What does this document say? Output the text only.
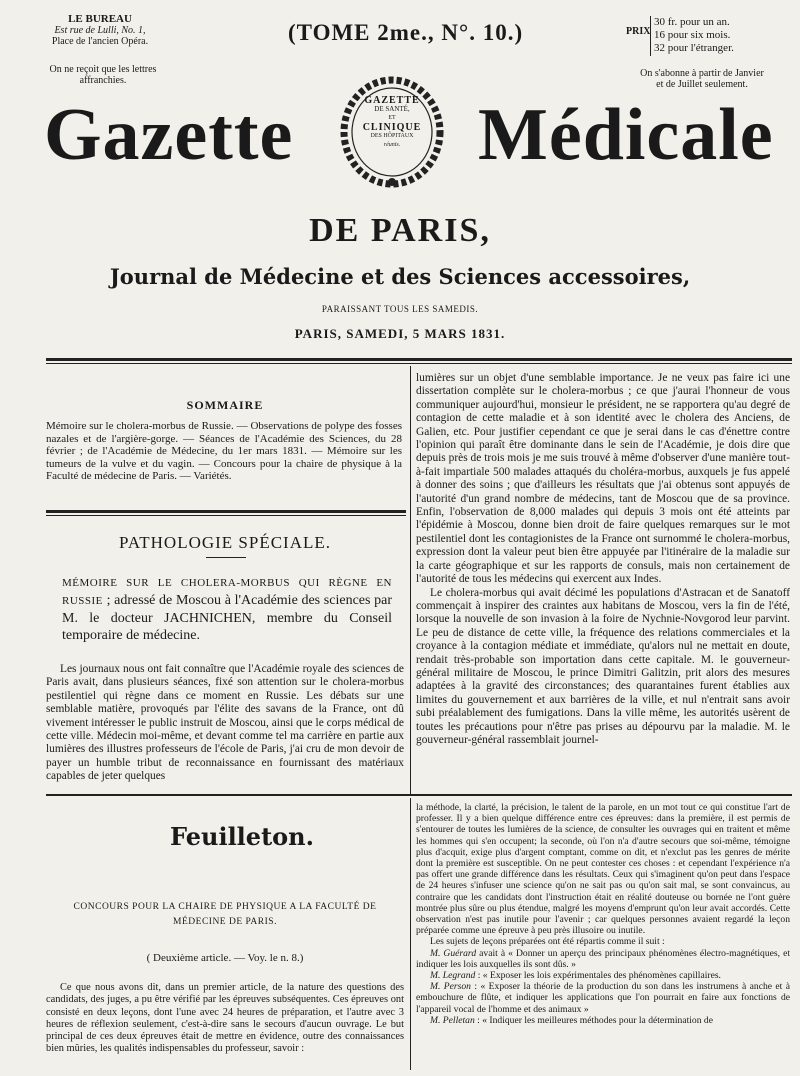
LE BUREAU
Est rue de Lulli, No. 1,
Place de l'ancien Opéra.
On ne reçoit que les lettres
affranchies.
(TOME 2me., N°. 10.)	PRIX
30 fr. pour un an.
16 pour six mois.
32 pour l'étranger.
On s'abonne à partir de Janvier
et de Juillet seulement.
Gazette Médicale
GAZETTE
DE SANTÉ,
ET
CLINIQUE
DES HÔPITAUX
réunis.
DE PARIS,
Journal de Médecine et des Sciences accessoires,
PARAISSANT TOUS LES SAMEDIS.
PARIS, SAMEDI, 5 MARS 1831.
SOMMAIRE
Mémoire sur le cholera-morbus de Russie. — Observations de polype des fosses nazales et de l'argière-gorge. — Séances de l'Académie des Sciences, du 28 février ; de l'Académie de Médecine, du 1er mars 1831. — Mémoire sur les tumeurs de la vulve et du vagin. — Concours pour la chaire de physique à la Faculté de médecine de Paris. — Variétés.
PATHOLOGIE SPÉCIALE.
MÉMOIRE SUR LE CHOLERA-MORBUS QUI RÈGNE EN RUSSIE ; adressé de Moscou à l'Académie des sciences par M. le docteur JACHNICHEN, membre du Conseil temporaire de médecine.

Les journaux nous ont fait connaître que l'Académie royale des sciences de Paris avait, dans plusieurs séances, fixé son attention sur le cholera-morbus pestilentiel qui règne dans ce moment en Russie. Les débats sur une semblable matière, provoqués par l'élite des savans de la France, ont dû vivement intéresser le public instruit de Moscou, ainsi que le corps médical de cette ville. Médecin moi-même, et devant comme tel ma carrière en partie aux lumières des illustres professeurs de l'école de Paris, j'ai cru de mon devoir de payer un humble tribut de reconnaissance en fournissant des matériaux capables de jeter quelques

lumières sur un objet d'une semblable importance. Je ne veux pas faire ici une dissertation complète sur le cholera-morbus ; ce que j'aurai l'honneur de vous communiquer aujourd'hui, monsieur le président, ne se rapportera qu'au degré de contagion de cette maladie et à son identité avec le cholera des Anciens, de Galien, etc. Pour justifier cependant ce que je serai dans le cas d'énettre contre l'opinion qui paraît être dominante dans le sein de l'Académie, je dois dire que depuis près de trois mois je me suis trouvé à même d'observer d'une manière tout-à-fait impartiale 500 malades attaqués du choléra-morbus, auxquels je fus appelé à donner des soins ; que d'ailleurs les résultats que j'ai obtenus sont appuyés de l'autorité d'un grand nombre de médecins, tant de Moscou que de sa province. Enfin, l'observation de 8,000 malades qui depuis 3 mois ont été atteints par l'épidémie à Moscou, donne bien droit de faire quelques remarques sur le mot pestilentiel dont les contagionistes de la France ont surnommé le cholera-morbus, expression dont la valeur peut bien être appuyée par l'itinéraire de la maladie sur la carte géographique et sur les rapports de consuls, mais non certainement de l'autorité de tous les médecins qui exercent aux Indes.

Le cholera-morbus qui avait décimé les populations d'Astracan et de Sanatoff commençait à inspirer des craintes aux habitans de Moscou, vers la fin de l'été, lorsque la nouvelle de son invasion à la foire de Nychnie-Novgorod leur parvint. Le peu de distance de cette ville, la fréquence des relations commerciales et la croyance à la contagion médiate et immédiate, qu'alors nul ne mettait en doute, rendait très-probable son importation dans cette capitale. M. le gouverneur-général militaire de Moscou, le prince Dimitri Galitzin, prit alors des mesures adaptées à la gravité des circonstances; des quarantaines furent établies aux limites du gouvernement et aux barrières de la ville, et nul n'entrait sans avoir subi préalablement des fumigations. Dans la ville même, les autorités usèrent de toutes les précautions pour n'être pas prises au dépourvu par la maladie. M. le gouverneur-général rassemblait journel-

Feuilleton.
CONCOURS POUR LA CHAIRE DE PHYSIQUE A LA FACULTÉ DE MÉDECINE DE PARIS.
( Deuxième article. — Voy. le n. 8.)

Ce que nous avons dit, dans un premier article, de la nature des questions des candidats, des juges, a pu être vérifié par les épreuves subséquentes. Ces épreuves ont consisté en deux leçons, dont l'une avec 24 heures de préparation, et l'autre avec 3 heures de réflexion seulement, c'est-à-dire sans le secours d'aucun ouvrage. Le but principal de ces deux épreuves était de mettre en évidence, outre des connaissances bien mûries, les qualités indispensables du professeur, savoir :

la méthode, la clarté, la précision, le talent de la parole, en un mot tout ce qui constitue l'art de professer. Il y a bien quelque différence entre ces épreuves: dans la première, il est permis de s'entourer de toutes les lumières de la science, de consulter les ouvrages qui en traitent et même les hommes qui s'en occupent; la seconde, où l'on n'a d'autre secours que soi-même, témoigne plus d'acquit, exige plus d'argent comptant, comme on dit, et n'exclut pas les genres de mérite dont la première est susceptible. On ne peut contester ces choses : et cependant l'expérience n'a pas offert une grande différence dans les résultats. Ceux qui s'imaginent qu'on peut dans l'espace de 24 heures s'infuser une science qu'on ne sait pas ou qu'on sait mal, se sont convaincus, au contraire que les candidats dont l'instruction était en réalité douteuse ou bornée ne l'ont guère montrée plus sûre ou plus étendue, malgré les moyens d'emprunt qu'on leur avait accordés. Cette observation n'est pas inutile pour l'avenir ; car quelques personnes avaient regardé la leçon préparée comme une épreuve à peu près illusoire ou inutile.

Les sujets de leçons préparées ont été répartis comme il suit :

M. Guérard avait à « Donner un aperçu des principaux phénomènes électro-magnétiques, et indiquer les lois auxquelles ils sont dûs. »
M. Legrand : « Exposer les lois expérimentales des phénomènes capillaires.
M. Person : « Exposer la théorie de la production du son dans les instrumens à anche et à embouchure de flûte, et indiquer les applications que l'on pourrait en faire aux fonctions de l'appareil vocal de l'homme et des animaux »
M. Pelletan : « Indiquer les meilleures méthodes pour la détermination de
